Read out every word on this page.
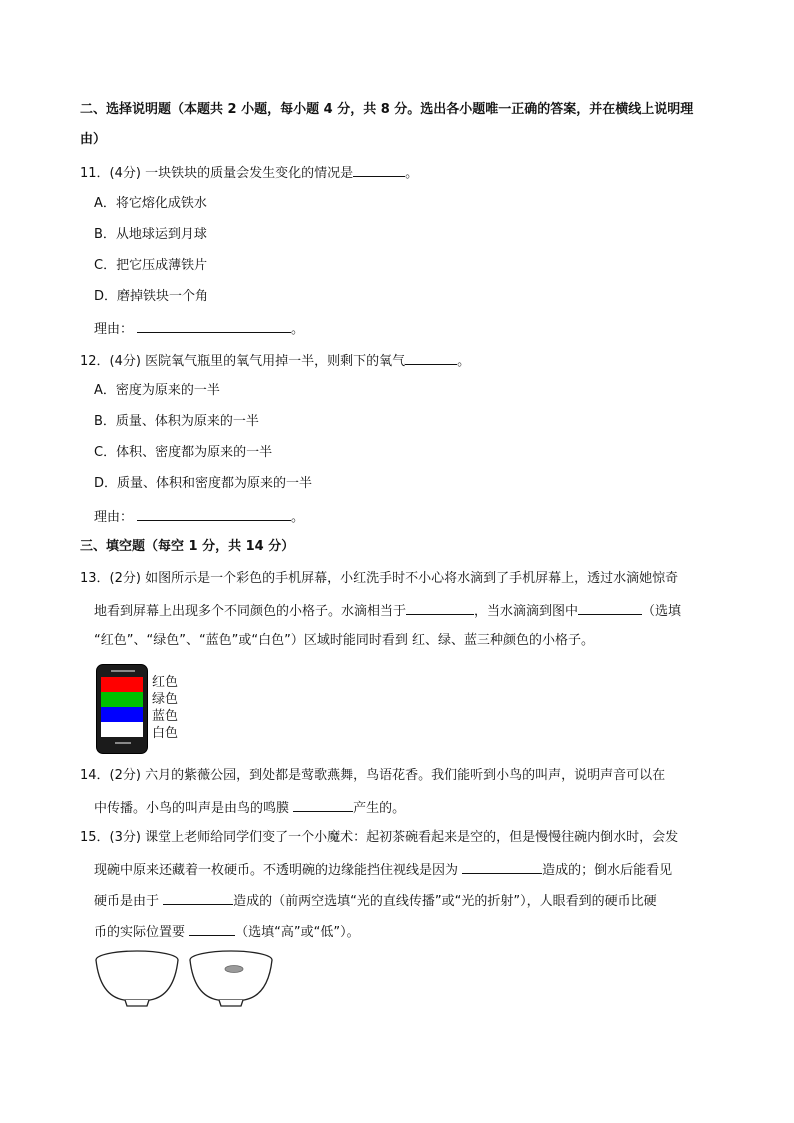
二、选择说明题（本题共 2 小题，每小题 4 分，共 8 分。选出各小题唯一正确的答案，并在横线上说明理
由）
11．(4分) 一块铁块的质量会发生变化的情况是	。
A．将它熔化成铁水
B．从地球运到月球
C．把它压成薄铁片
D．磨掉铁块一个角
理由：	。
12．(4分) 医院氧气瓶里的氧气用掉一半，则剩下的氧气	。
A．密度为原来的一半
B．质量、体积为原来的一半
C．体积、密度都为原来的一半
D．质量、体积和密度都为原来的一半
理由：	。
三、填空题（每空 1 分，共 14 分）
13．(2分) 如图所示是一个彩色的手机屏幕，小红洗手时不小心将水滴到了手机屏幕上，透过水滴她惊奇
地看到屏幕上出现多个不同颜色的小格子。水滴相当于	，当水滴滴到图中	（选填
“红色”、“绿色”、“蓝色”或“白色”）区域时能同时看到 红、绿、蓝三种颜色的小格子。
红色
绿色
蓝色
白色
14．(2分) 六月的紫薇公园，到处都是莺歌燕舞，鸟语花香。我们能听到小鸟的叫声，说明声音可以在
中传播。小鸟的叫声是由鸟的鸣膜	产生的。
15．(3分) 课堂上老师给同学们变了一个小魔术：起初茶碗看起来是空的，但是慢慢往碗内倒水时，会发
现碗中原来还藏着一枚硬币。不透明碗的边缘能挡住视线是因为	造成的；倒水后能看见
硬币是由于	造成的（前两空选填“光的直线传播”或“光的折射”），人眼看到的硬币比硬
币的实际位置要	（选填“高”或“低”）。
